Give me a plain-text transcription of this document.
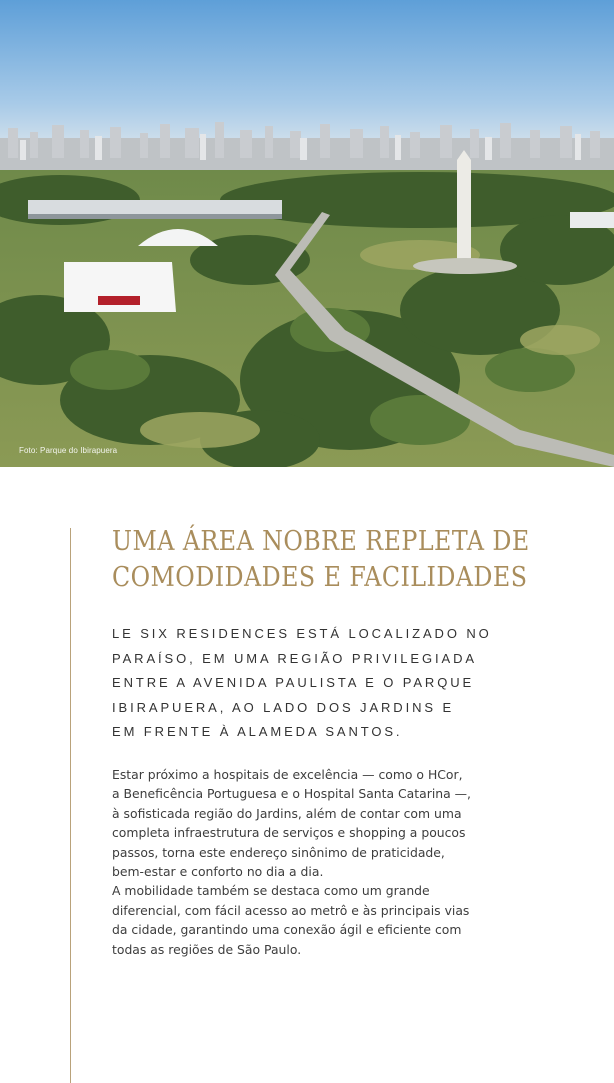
Foto: Parque do Ibirapuera
UMA ÁREA NOBRE REPLETA DE
COMODIDADES E FACILIDADES
LE SIX RESIDENCES ESTÁ LOCALIZADO NO
PARAÍSO, EM UMA REGIÃO PRIVILEGIADA
ENTRE A AVENIDA PAULISTA E O PARQUE
IBIRAPUERA, AO LADO DOS JARDINS E
EM FRENTE À ALAMEDA SANTOS.
Estar próximo a hospitais de excelência — como o HCor,
a Beneficência Portuguesa e o Hospital Santa Catarina —,
à sofisticada região do Jardins, além de contar com uma
completa infraestrutura de serviços e shopping a poucos
passos, torna este endereço sinônimo de praticidade,
bem-estar e conforto no dia a dia.
A mobilidade também se destaca como um grande
diferencial, com fácil acesso ao metrô e às principais vias
da cidade, garantindo uma conexão ágil e eficiente com
todas as regiões de São Paulo.
